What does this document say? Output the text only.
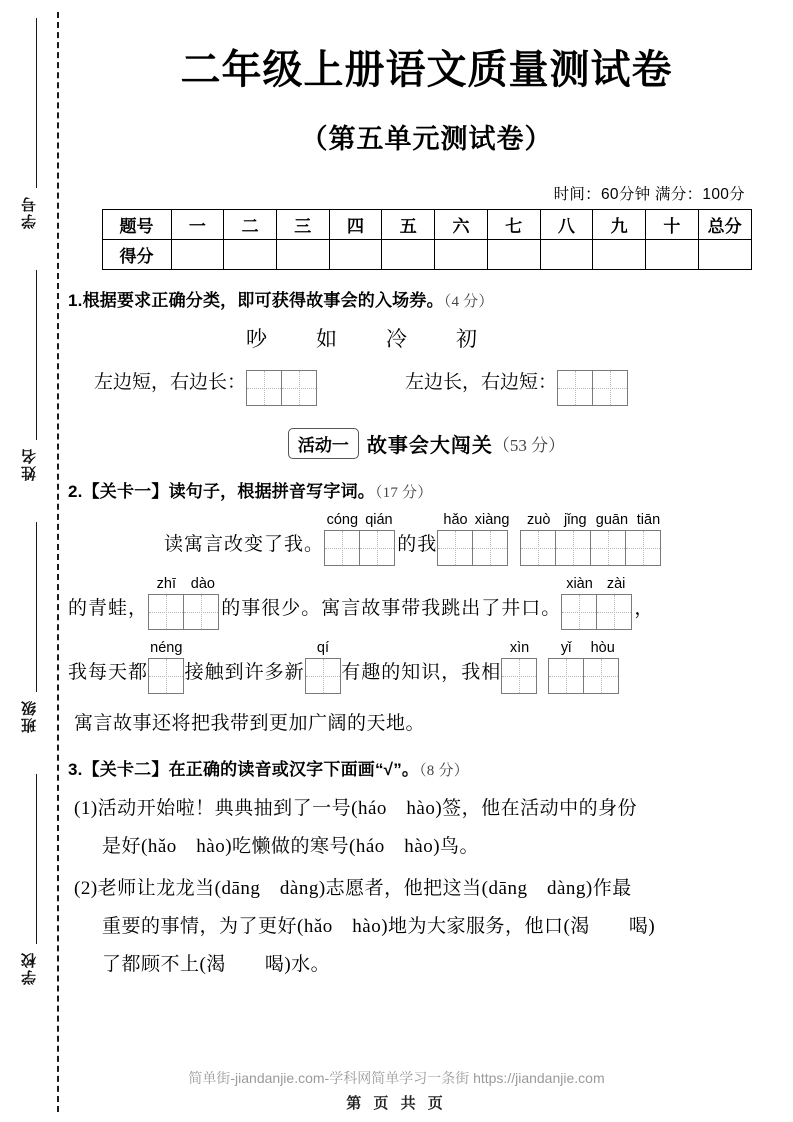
学号
姓名
班级
学校
二年级上册语文质量测试卷
（第五单元测试卷）
时间：60分钟 满分：100分
题号	一	二	三	四	五	六	七	八	九	十	总分
得分											
1.根据要求正确分类，即可获得故事会的入场券。（4 分）
吵 如 冷 初
左边短，右边长：	左边长，右边短：
活动一 故事会大闯关（53 分）
2.【关卡一】读句子，根据拼音写字词。（17 分）
读寓言改变了我。
cóng qián
的我
hǎo xiàng	zuò jǐng guān tiān
的青蛙，
zhī	dào
的事很少。寓言故事带我跳出了井口。
xiàn zài
，
我每天都
néng
接触到许多新
qí
有趣的知识，我相
xìn	yǐ	hòu
寓言故事还将把我带到更加广阔的天地。
3.【关卡二】在正确的读音或汉字下面画“√”。（8 分）
(1)活动开始啦！典典抽到了一号(háo　hào)签，他在活动中的身份
是好(hǎo　hào)吃懒做的寒号(háo　hào)鸟。
(2)老师让龙龙当(dāng　dàng)志愿者，他把这当(dāng　dàng)作最
重要的事情，为了更好(hǎo　hào)地为大家服务，他口(渴　　喝)
了都顾不上(渴　　喝)水。
简单街-jiandanjie.com-学科网简单学习一条街 https://jiandanjie.com
第 页 共 页
